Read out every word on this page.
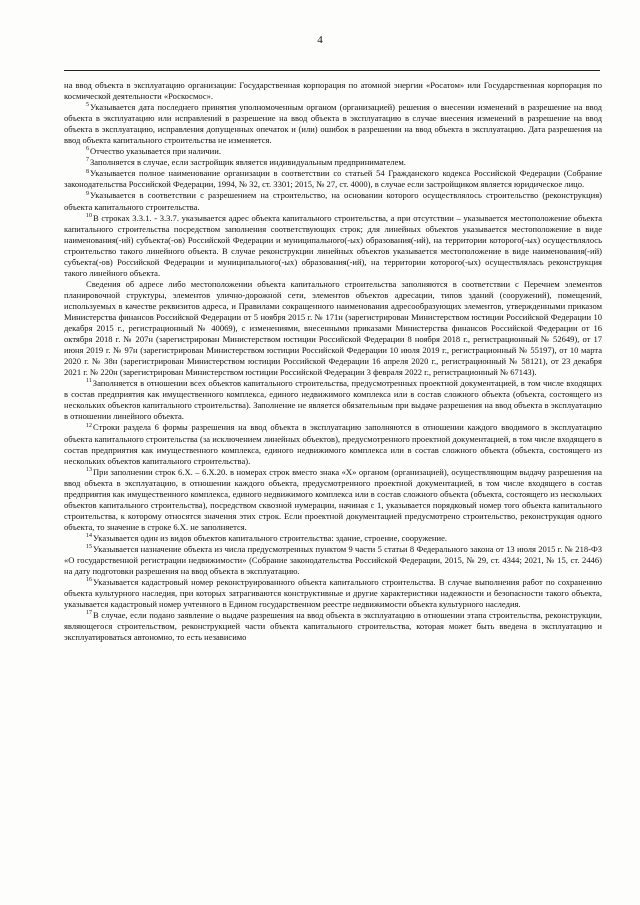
4

на ввод объекта в эксплуатацию организации: Государственная корпорация по атомной энергии «Росатом» или Государственная корпорация по космической деятельности «Роскосмос».

$^5$Указывается дата последнего принятия уполномоченным органом (организацией) решения о внесении изменений в разрешение на ввод объекта в эксплуатацию или исправлений в разрешение на ввод объекта в эксплуатацию в случае внесения изменений в разрешение на ввод объекта в эксплуатацию, исправления допущенных опечаток и (или) ошибок в разрешении на ввод объекта в эксплуатацию. Дата разрешения на ввод объекта капитального строительства не изменяется.

$^6$Отчество указывается при наличии.

$^7$Заполняется в случае, если застройщик является индивидуальным предпринимателем.

$^8$Указывается полное наименование организации в соответствии со статьей 54 Гражданского кодекса Российской Федерации (Собрание законодательства Российской Федерации, 1994, № 32, ст. 3301; 2015, № 27, ст. 4000), в случае если застройщиком является юридическое лицо.

$^9$Указывается в соответствии с разрешением на строительство, на основании которого осуществлялось строительство (реконструкция) объекта капитального строительства.

$^{10}$В строках 3.3.1. - 3.3.7. указывается адрес объекта капитального строительства, а при отсутствии – указывается местоположение объекта капитального строительства посредством заполнения соответствующих строк; для линейных объектов указывается местоположение в виде наименования(-ий) субъекта(-ов) Российской Федерации и муниципального(-ых) образования(-ий), на территории которого(-ых) осуществлялось строительство такого линейного объекта. В случае реконструкции линейных объектов указывается местоположение в виде наименования(-ий) субъекта(-ов) Российской Федерации и муниципального(-ых) образования(-ий), на территории которого(-ых) осуществлялась реконструкция такого линейного объекта.

Сведения об адресе либо местоположении объекта капитального строительства заполняются в соответствии с Перечнем элементов планировочной структуры, элементов улично-дорожной сети, элементов объектов адресации, типов зданий (сооружений), помещений, используемых в качестве реквизитов адреса, и Правилами сокращенного наименования адресообразующих элементов, утвержденными приказом Министерства финансов Российской Федерации от 5 ноября 2015 г. № 171н (зарегистрирован Министерством юстиции Российской Федерации 10 декабря 2015 г., регистрационный № 40069), с изменениями, внесенными приказами Министерства финансов Российской Федерации от 16 октября 2018 г. № 207н (зарегистрирован Министерством юстиции Российской Федерации 8 ноября 2018 г., регистрационный № 52649), от 17 июня 2019 г. № 97н (зарегистрирован Министерством юстиции Российской Федерации 10 июля 2019 г., регистрационный № 55197), от 10 марта 2020 г. № 38н (зарегистрирован Министерством юстиции Российской Федерации 16 апреля 2020 г., регистрационный № 58121), от 23 декабря 2021 г. № 220н (зарегистрирован Министерством юстиции Российской Федерации 3 февраля 2022 г., регистрационный № 67143).

$^{11}$Заполняется в отношении всех объектов капитального строительства, предусмотренных проектной документацией, в том числе входящих в состав предприятия как имущественного комплекса, единого недвижимого комплекса или в состав сложного объекта (объекта, состоящего из нескольких объектов капитального строительства). Заполнение не является обязательным при выдаче разрешения на ввод объекта в эксплуатацию в отношении линейного объекта.

$^{12}$Строки раздела 6 формы разрешения на ввод объекта в эксплуатацию заполняются в отношении каждого вводимого в эксплуатацию объекта капитального строительства (за исключением линейных объектов), предусмотренного проектной документацией, в том числе входящего в состав предприятия как имущественного комплекса, единого недвижимого комплекса или в состав сложного объекта (объекта, состоящего из нескольких объектов капитального строительства).

$^{13}$При заполнении строк 6.Х. – 6.Х.20. в номерах строк вместо знака «Х» органом (организацией), осуществляющим выдачу разрешения на ввод объекта в эксплуатацию, в отношении каждого объекта, предусмотренного проектной документацией, в том числе входящего в состав предприятия как имущественного комплекса, единого недвижимого комплекса или в состав сложного объекта (объекта, состоящего из нескольких объектов капитального строительства), посредством сквозной нумерации, начиная с 1, указывается порядковый номер того объекта капитального строительства, к которому относятся значения этих строк. Если проектной документацией предусмотрено строительство, реконструкция одного объекта, то значение в строке 6.Х. не заполняется.

$^{14}$Указывается один из видов объектов капитального строительства: здание, строение, сооружение.

$^{15}$Указывается назначение объекта из числа предусмотренных пунктом 9 части 5 статьи 8 Федерального закона от 13 июля 2015 г. № 218-ФЗ «О государственной регистрации недвижимости» (Собрание законодательства Российской Федерации, 2015, № 29, ст. 4344; 2021, № 15, ст. 2446) на дату подготовки разрешения на ввод объекта в эксплуатацию.

$^{16}$Указывается кадастровый номер реконструированного объекта капитального строительства. В случае выполнения работ по сохранению объекта культурного наследия, при которых затрагиваются конструктивные и другие характеристики надежности и безопасности такого объекта, указывается кадастровый номер учтенного в Едином государственном реестре недвижимости объекта культурного наследия.

$^{17}$В случае, если подано заявление о выдаче разрешения на ввод объекта в эксплуатацию в отношении этапа строительства, реконструкции, являющегося строительством, реконструкцией части объекта капитального строительства, которая может быть введена в эксплуатацию и эксплуатироваться автономно, то есть независимо
